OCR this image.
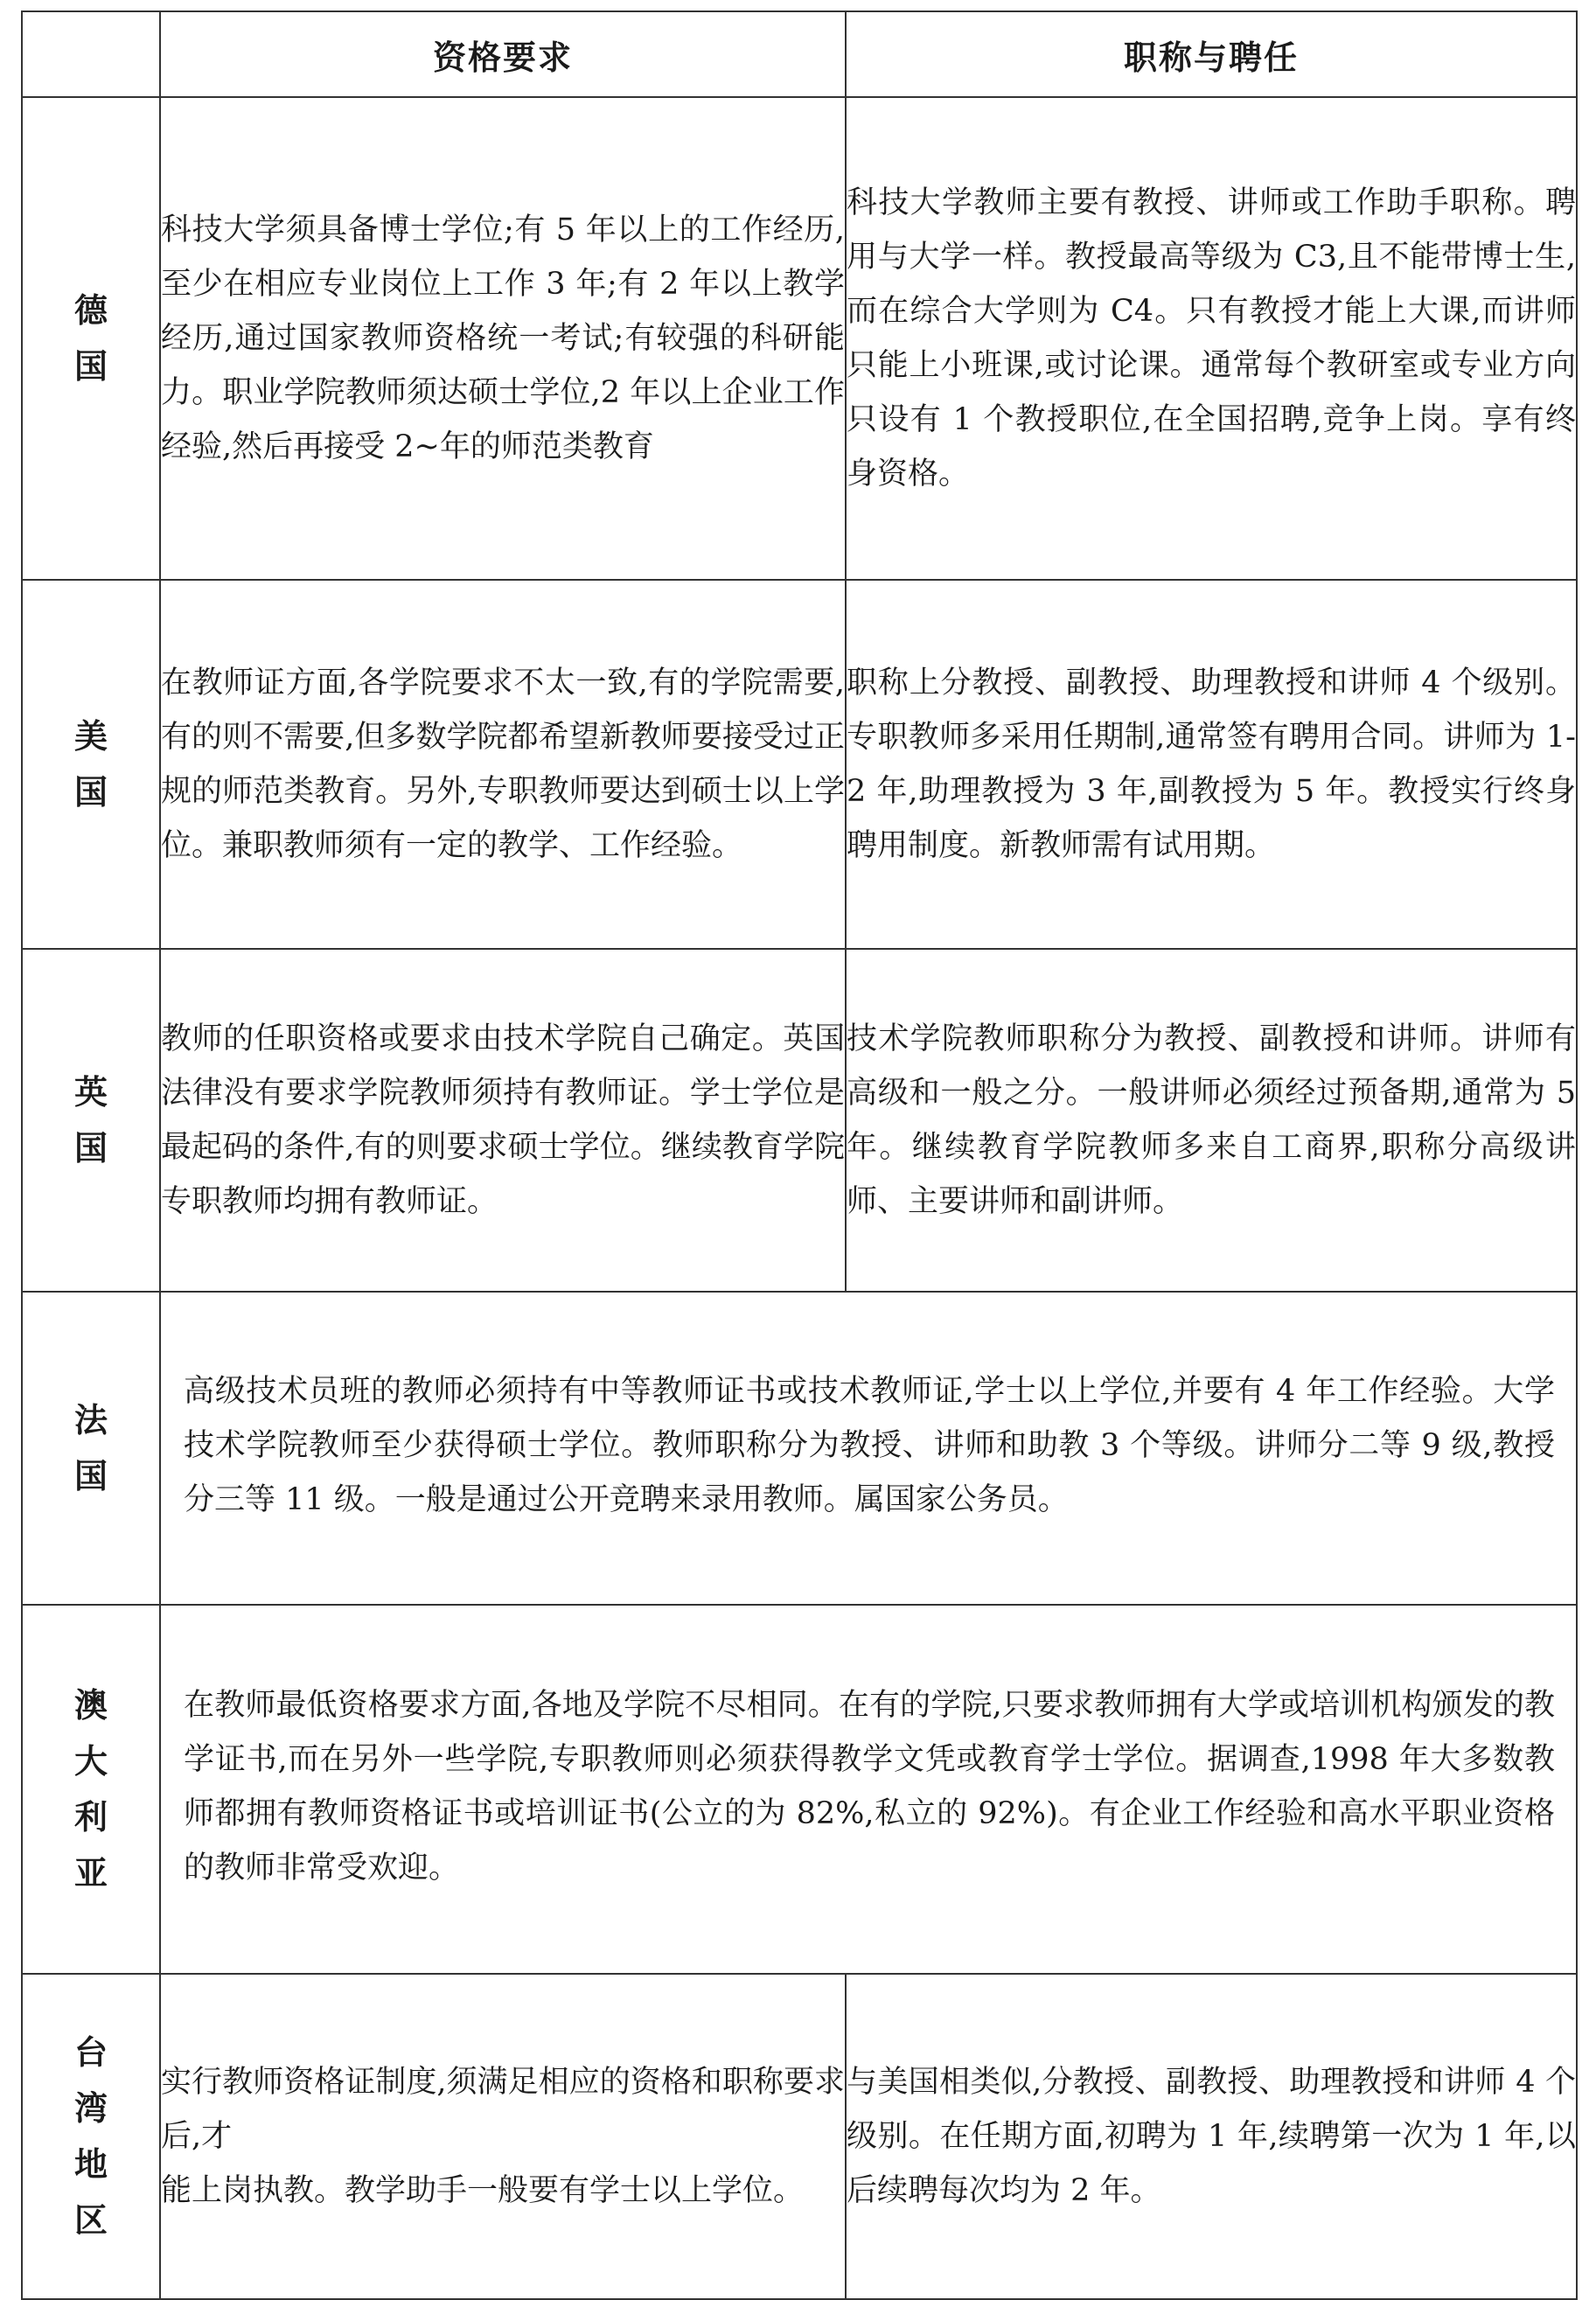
	资格要求	职称与聘任

德
国	科技大学须具备博士学位;有 5 年以上的工作经历,至少在相应专业岗位上工作 3 年;有 2 年以上教学经历,通过国家教师资格统一考试;有较强的科研能力。职业学院教师须达硕士学位,2 年以上企业工作经验,然后再接受 2~年的师范类教育	科技大学教师主要有教授、讲师或工作助手职称。聘用与大学一样。教授最高等级为 C3,且不能带博士生,而在综合大学则为 C4。只有教授才能上大课,而讲师只能上小班课,或讨论课。通常每个教研室或专业方向只设有 1 个教授职位,在全国招聘,竞争上岗。享有终身资格。

美
国	在教师证方面,各学院要求不太一致,有的学院需要,有的则不需要,但多数学院都希望新教师要接受过正规的师范类教育。另外,专职教师要达到硕士以上学位。兼职教师须有一定的教学、工作经验。	职称上分教授、副教授、助理教授和讲师 4 个级别。专职教师多采用任期制,通常签有聘用合同。讲师为 1-2 年,助理教授为 3 年,副教授为 5 年。教授实行终身聘用制度。新教师需有试用期。

英
国	教师的任职资格或要求由技术学院自己确定。英国法律没有要求学院教师须持有教师证。学士学位是最起码的条件,有的则要求硕士学位。继续教育学院专职教师均拥有教师证。	技术学院教师职称分为教授、副教授和讲师。讲师有高级和一般之分。一般讲师必须经过预备期,通常为 5 年。继续教育学院教师多来自工商界,职称分高级讲师、主要讲师和副讲师。

法
国	高级技术员班的教师必须持有中等教师证书或技术教师证,学士以上学位,并要有 4 年工作经验。大学技术学院教师至少获得硕士学位。教师职称分为教授、讲师和助教 3 个等级。讲师分二等 9 级,教授分三等 11 级。一般是通过公开竞聘来录用教师。属国家公务员。	

澳
大
利
亚	在教师最低资格要求方面,各地及学院不尽相同。在有的学院,只要求教师拥有大学或培训机构颁发的教学证书,而在另外一些学院,专职教师则必须获得教学文凭或教育学士学位。据调查,1998 年大多数教师都拥有教师资格证书或培训证书(公立的为 82%,私立的 92%)。有企业工作经验和高水平职业资格的教师非常受欢迎。	

台
湾
地
区	实行教师资格证制度,须满足相应的资格和职称要求后,才
能上岗执教。教学助手一般要有学士以上学位。	与美国相类似,分教授、副教授、助理教授和讲师 4 个级别。在任期方面,初聘为 1 年,续聘第一次为 1 年,以后续聘每次均为 2 年。
